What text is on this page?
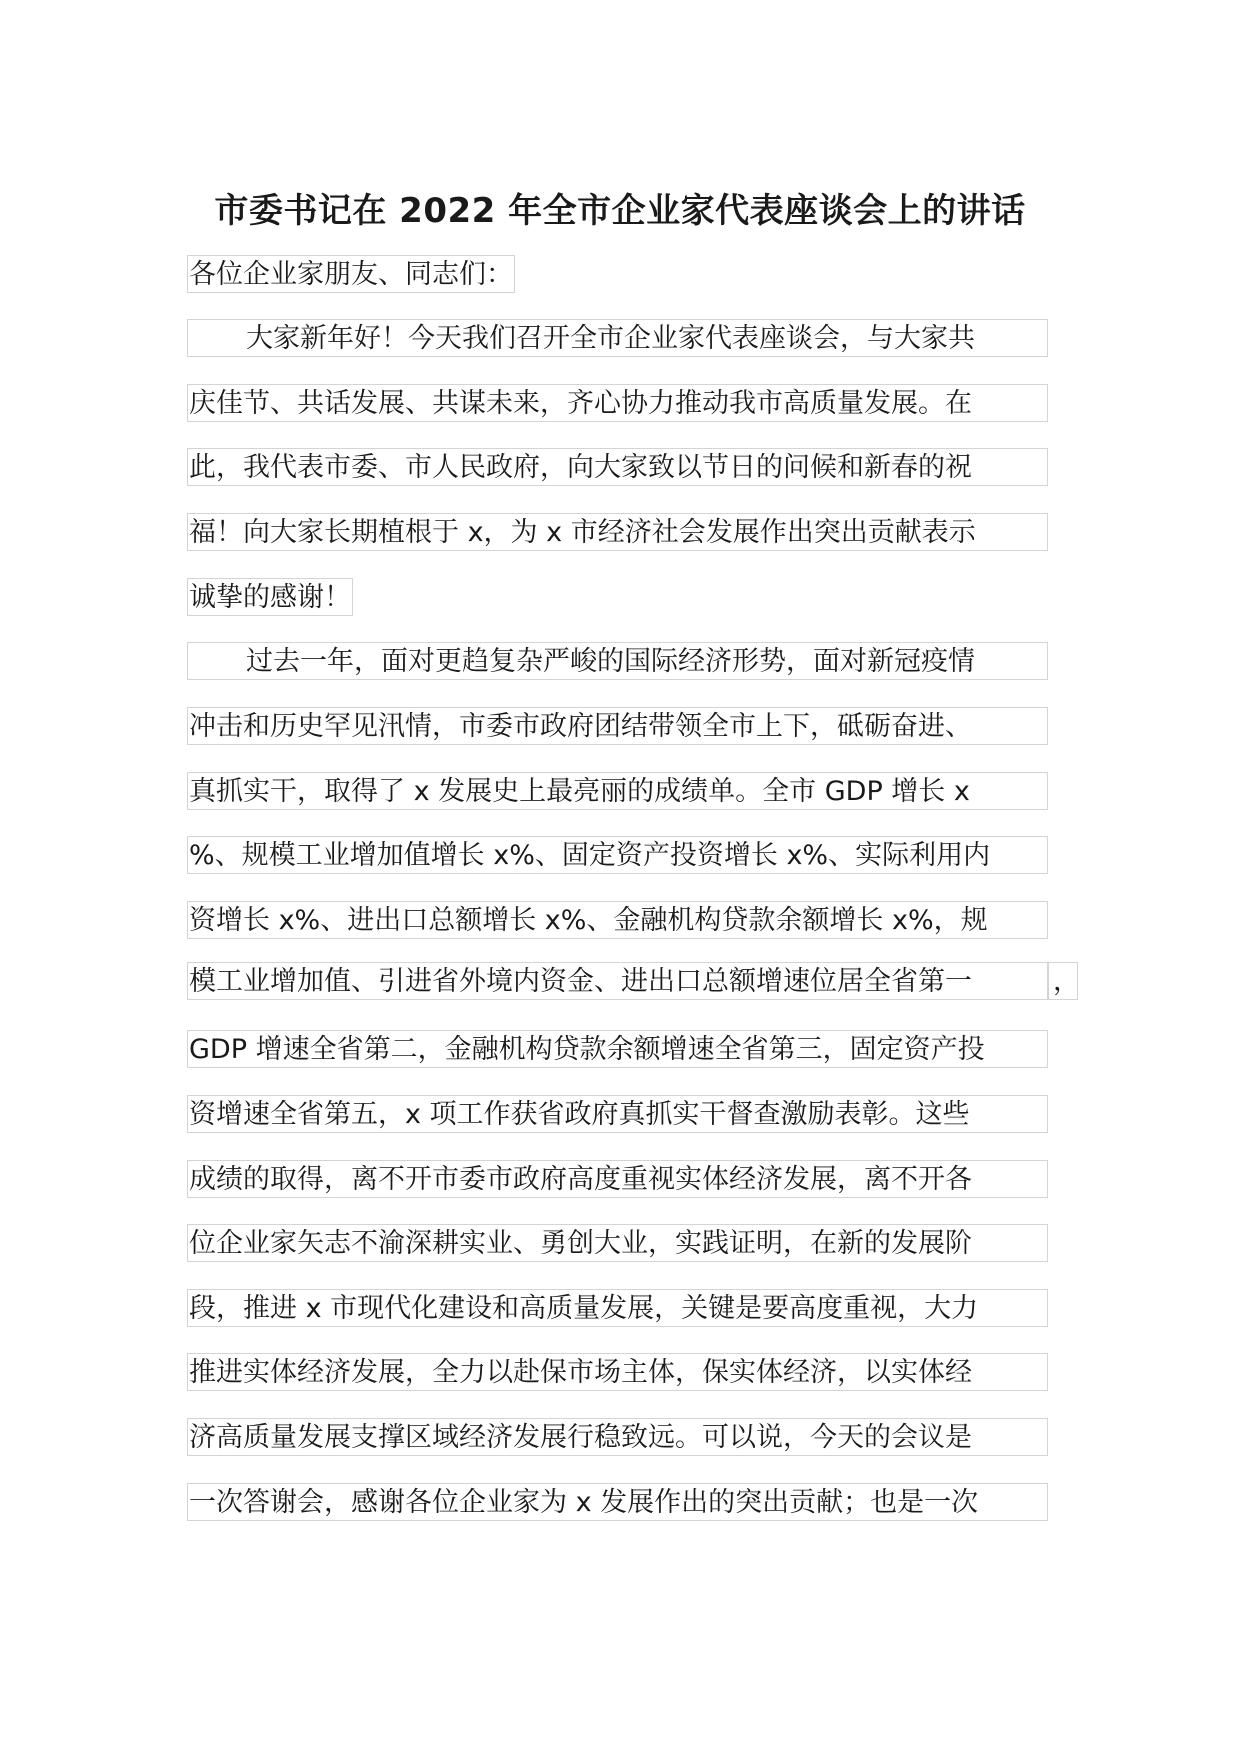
市委书记在 2022 年全市企业家代表座谈会上的讲话
各位企业家朋友、同志们：
大家新年好！今天我们召开全市企业家代表座谈会，与大家共
庆佳节、共话发展、共谋未来，齐心协力推动我市高质量发展。在
此，我代表市委、市人民政府，向大家致以节日的问候和新春的祝
福！向大家长期植根于 x，为 x 市经济社会发展作出突出贡献表示
诚挚的感谢！
过去一年，面对更趋复杂严峻的国际经济形势，面对新冠疫情
冲击和历史罕见汛情，市委市政府团结带领全市上下，砥砺奋进、
真抓实干，取得了 x 发展史上最亮丽的成绩单。全市 GDP 增长 x
%、规模工业增加值增长 x%、固定资产投资增长 x%、实际利用内
资增长 x%、进出口总额增长 x%、金融机构贷款余额增长 x%，规
模工业增加值、引进省外境内资金、进出口总额增速位居全省第一	，
GDP 增速全省第二，金融机构贷款余额增速全省第三，固定资产投
资增速全省第五，x 项工作获省政府真抓实干督查激励表彰。这些
成绩的取得，离不开市委市政府高度重视实体经济发展，离不开各
位企业家矢志不渝深耕实业、勇创大业，实践证明，在新的发展阶
段，推进 x 市现代化建设和高质量发展，关键是要高度重视，大力
推进实体经济发展，全力以赴保市场主体，保实体经济，以实体经
济高质量发展支撑区域经济发展行稳致远。可以说，今天的会议是
一次答谢会，感谢各位企业家为 x 发展作出的突出贡献；也是一次
